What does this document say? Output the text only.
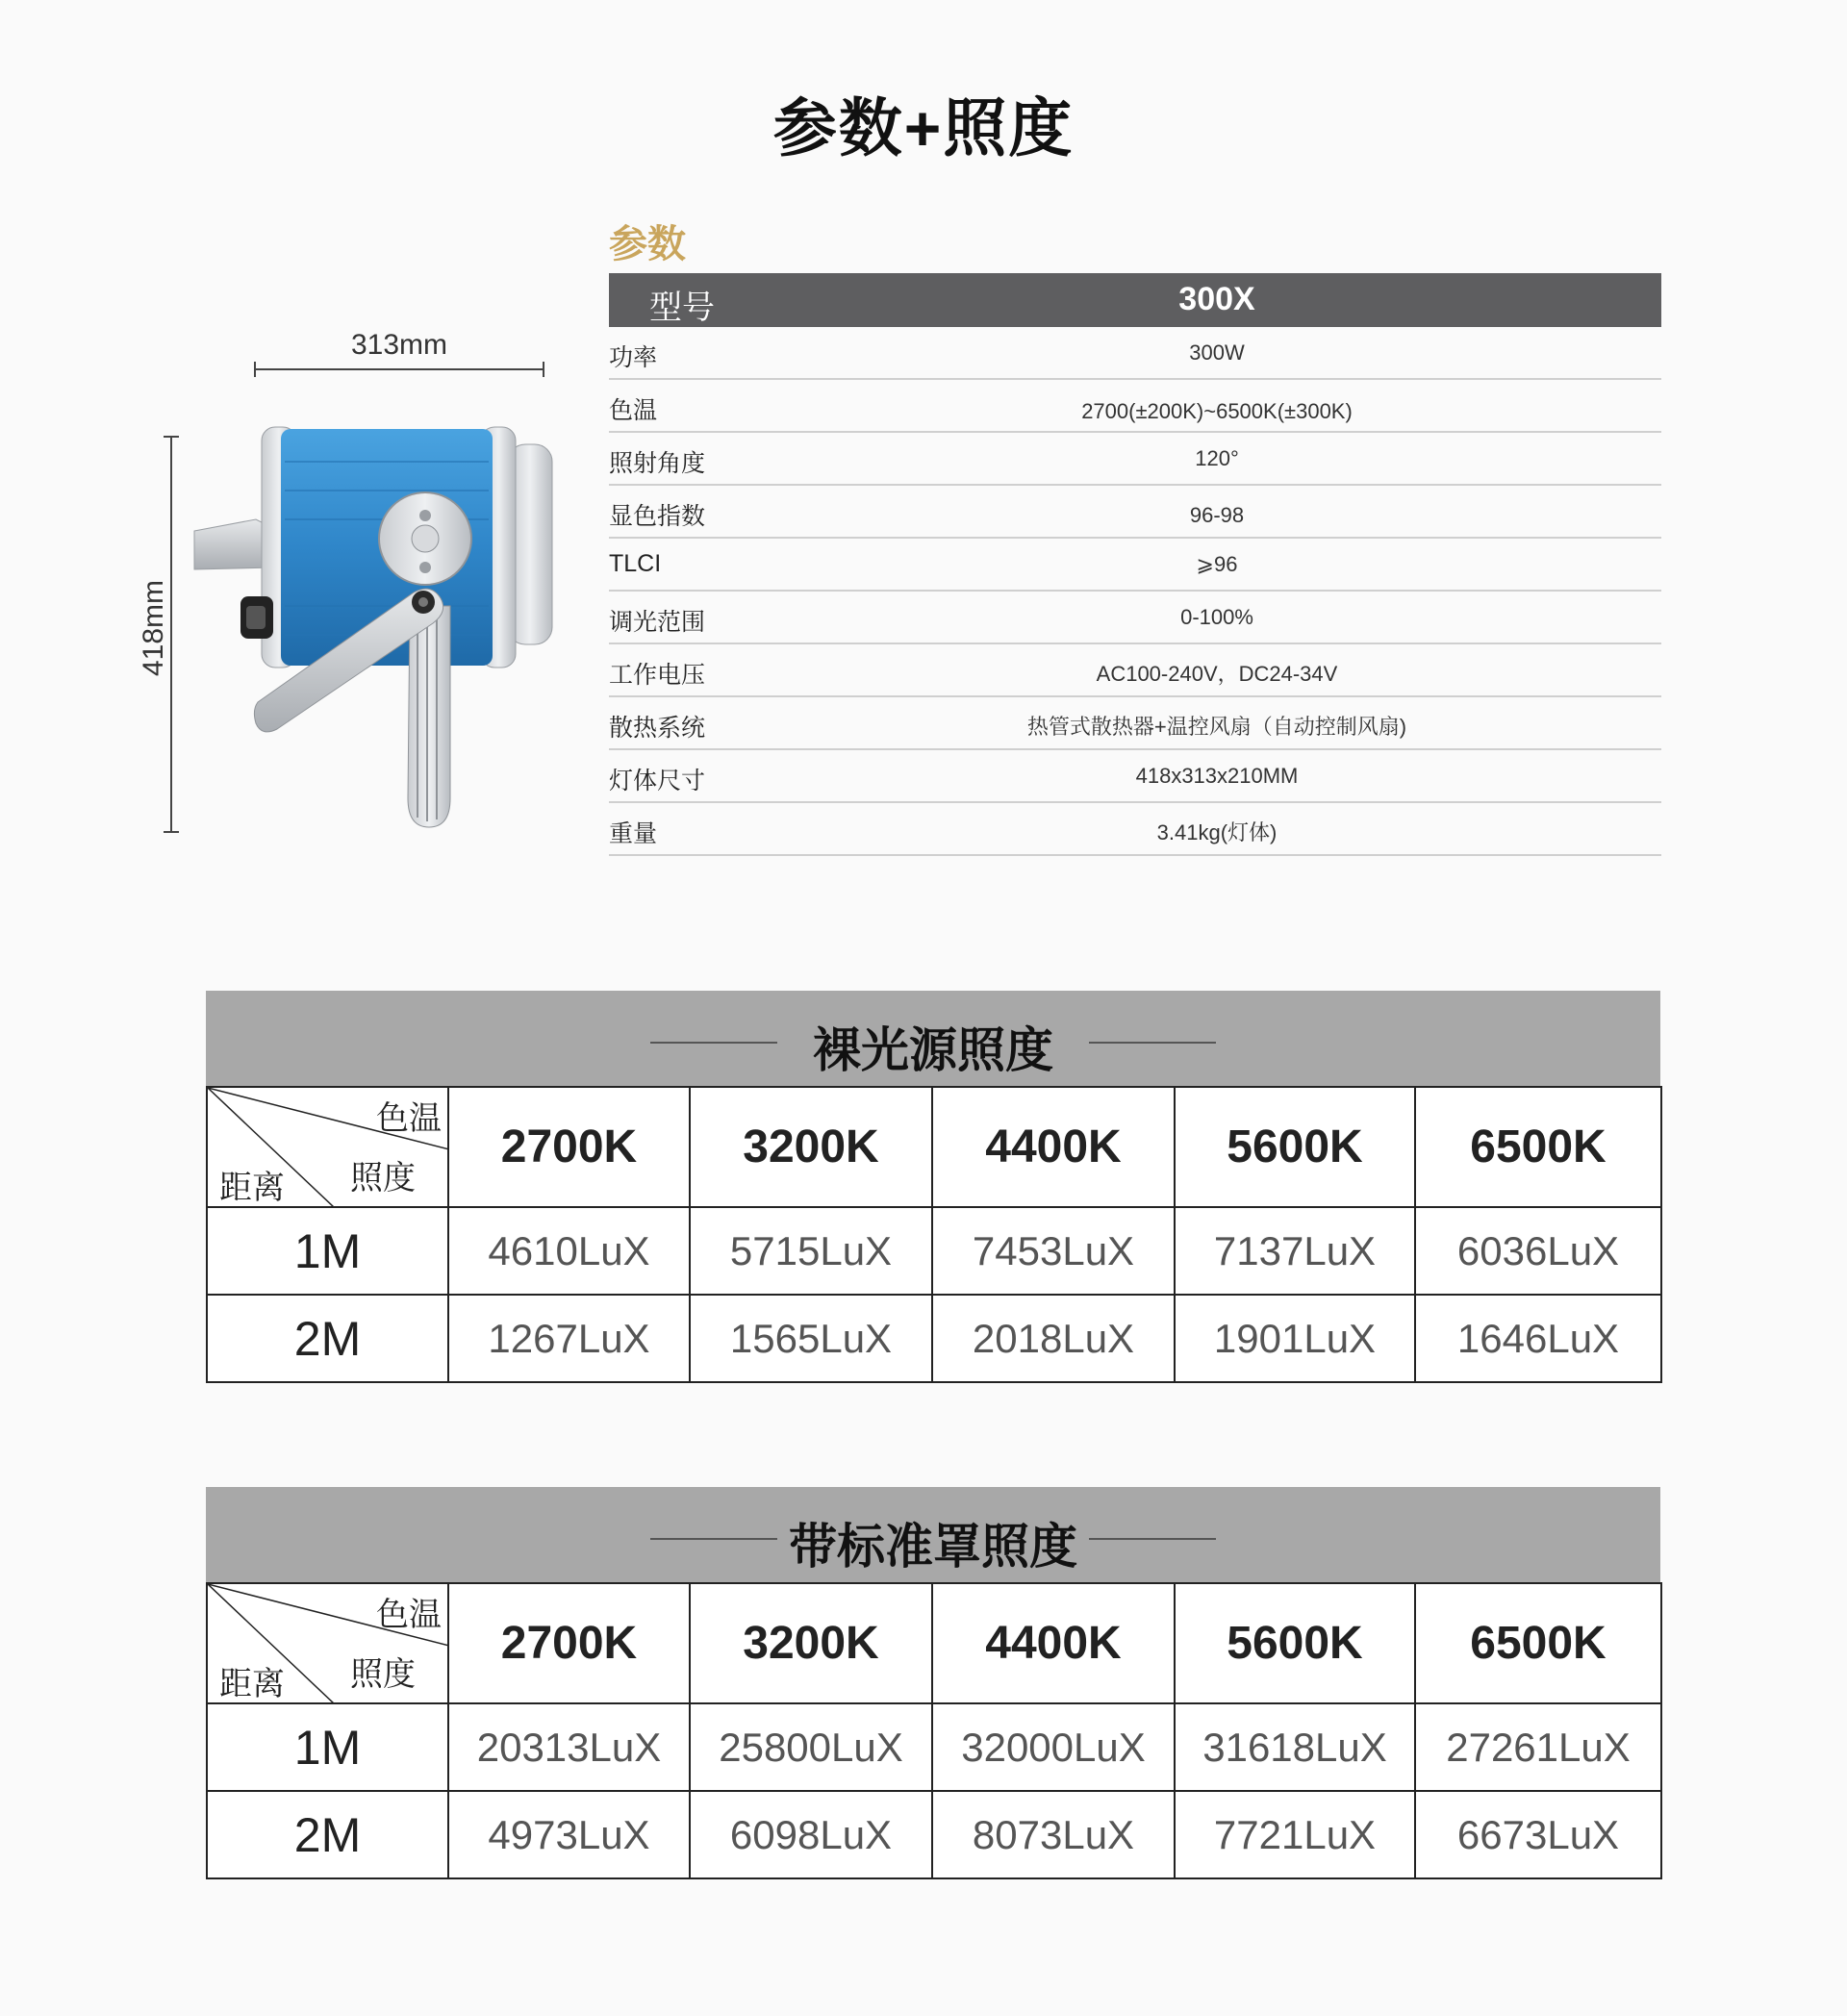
参数+照度
313mm
418mm
参数
型号	300X
功率	300W
色温	2700(±200K)~6500K(±300K)
照射角度	120°
显色指数	96-98
TLCI	⩾96
调光范围	0-100%
工作电压	AC100-240V，DC24-34V
散热系统	热管式散热器+温控风扇（自动控制风扇)
灯体尺寸	418x313x210MM
重量	3.41kg(灯体)
裸光源照度
色温
照度
距离	2700K	3200K	4400K	5600K	6500K
1M	4610LuX	5715LuX	7453LuX	7137LuX	6036LuX
2M	1267LuX	1565LuX	2018LuX	1901LuX	1646LuX
带标准罩照度
色温
照度
距离	2700K	3200K	4400K	5600K	6500K
1M	20313LuX	25800LuX	32000LuX	31618LuX	27261LuX
2M	4973LuX	6098LuX	8073LuX	7721LuX	6673LuX
